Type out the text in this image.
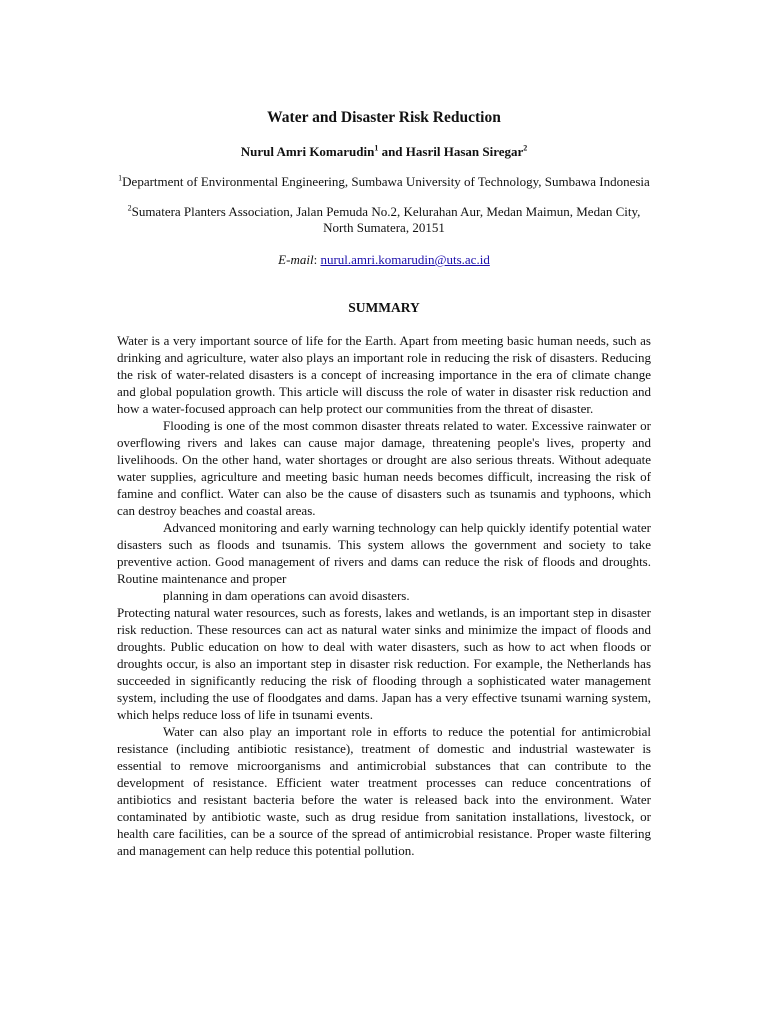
Water and Disaster Risk Reduction
Nurul Amri Komarudin$^1$ and Hasril Hasan Siregar$^2$
$^1$Department of Environmental Engineering, Sumbawa University of Technology, Sumbawa Indonesia
$^2$Sumatera Planters Association, Jalan Pemuda No.2, Kelurahan Aur, Medan Maimun, Medan City, North Sumatera, 20151
E-mail: nurul.amri.komarudin@uts.ac.id
SUMMARY

Water is a very important source of life for the Earth. Apart from meeting basic human needs, such as drinking and agriculture, water also plays an important role in reducing the risk of disasters. Reducing the risk of water-related disasters is a concept of increasing importance in the era of climate change and global population growth. This article will discuss the role of water in disaster risk reduction and how a water-focused approach can help protect our communities from the threat of disaster.

Flooding is one of the most common disaster threats related to water. Excessive rainwater or overflowing rivers and lakes can cause major damage, threatening people's lives, property and livelihoods. On the other hand, water shortages or drought are also serious threats. Without adequate water supplies, agriculture and meeting basic human needs becomes difficult, increasing the risk of famine and conflict. Water can also be the cause of disasters such as tsunamis and typhoons, which can destroy beaches and coastal areas.

Advanced monitoring and early warning technology can help quickly identify potential water disasters such as floods and tsunamis. This system allows the government and society to take preventive action. Good management of rivers and dams can reduce the risk of floods and droughts. Routine maintenance and proper

planning in dam operations can avoid disasters.

Protecting natural water resources, such as forests, lakes and wetlands, is an important step in disaster risk reduction. These resources can act as natural water sinks and minimize the impact of floods and droughts. Public education on how to deal with water disasters, such as how to act when floods or droughts occur, is also an important step in disaster risk reduction. For example, the Netherlands has succeeded in significantly reducing the risk of flooding through a sophisticated water management system, including the use of floodgates and dams. Japan has a very effective tsunami warning system, which helps reduce loss of life in tsunami events.

Water can also play an important role in efforts to reduce the potential for antimicrobial resistance (including antibiotic resistance), treatment of domestic and industrial wastewater is essential to remove microorganisms and antimicrobial substances that can contribute to the development of resistance. Efficient water treatment processes can reduce concentrations of antibiotics and resistant bacteria before the water is released back into the environment. Water contaminated by antibiotic waste, such as drug residue from sanitation installations, livestock, or health care facilities, can be a source of the spread of antimicrobial resistance. Proper waste filtering and management can help reduce this potential pollution.
